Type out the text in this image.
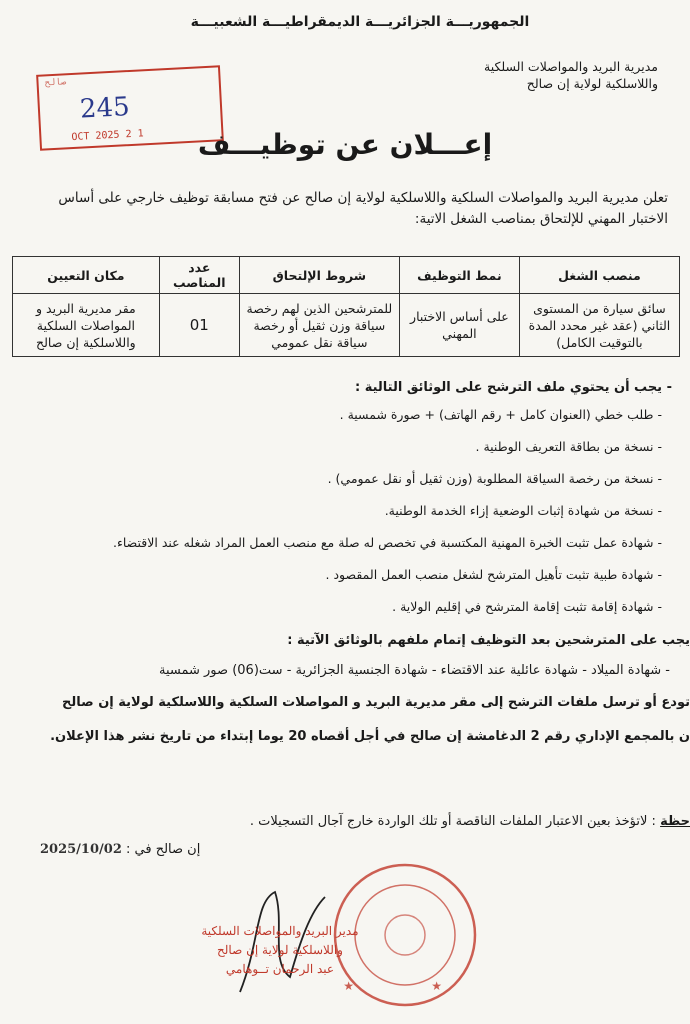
الجمهوريـــة الجزائريـــة الديمقراطيـــة الشعبيـــة
مديرية البريد والمواصلات السلكية
واللاسلكية لولاية إن صالح
صالح
245
1 2 OCT 2025	إعـــلان عن توظيـــف
تعلن مديرية البريد والمواصلات السلكية واللاسلكية لولاية إن صالح عن فتح مسابقة توظيف خارجي على أساس الاختبار المهني للإلتحاق بمناصب الشغل الاتية:
منصب الشغل	نمط التوظيف	شروط الإلتحاق	عدد المناصب	مكان التعيين
سائق سيارة من المستوى الثاني (عقد غير محدد المدة بالتوقيت الكامل)	على أساس الاختبار المهني	للمترشحين الذين لهم رخصة سياقة وزن ثقيل أو رخصة سياقة نقل عمومي	01	مقر مديرية البريد و المواصلات السلكية واللاسلكية إن صالح
- يجب أن يحتوي ملف الترشح على الوثائق التالية :
- طلب خطي (العنوان كامل + رقم الهاتف) + صورة شمسية .
- نسخة من بطاقة التعريف الوطنية .
- نسخة من رخصة السياقة المطلوبة (وزن ثقيل أو نقل عمومي) .
- نسخة من شهادة إثبات الوضعية إزاء الخدمة الوطنية.
- شهادة عمل تثبت الخبرة المهنية المكتسبة في تخصص له صلة مع منصب العمل المراد شغله عند الاقتضاء.
- شهادة طبية تثبت تأهيل المترشح لشغل منصب العمل المقصود .
- شهادة إقامة تثبت إقامة المترشح في إقليم الولاية .
يجب على المترشحين بعد التوظيف إتمام ملفهم بالوثائق الآتية :
- شهادة الميلاد - شهادة عائلية عند الاقتضاء - شهادة الجنسية الجزائرية - ست(06) صور شمسية
تودع أو ترسل ملفات الترشح إلى مقر مديرية البريد و المواصلات السلكية واللاسلكية لولاية إن صالح
ن بالمجمع الإداري رقم 2 الدغامشة إن صالح في أجل أقصاه 20 يوما إبتداء من تاريخ نشر هذا الإعلان.
حظة : لاتؤخذ بعين الاعتبار الملفات الناقصة أو تلك الواردة خارج آجال التسجيلات .
إن صالح في : 2025/10/02
★	★
مدير البريد والمواصلات السلكية
واللاسلكية لولاية إن صالح
عبد الرحمان تــوهامي
